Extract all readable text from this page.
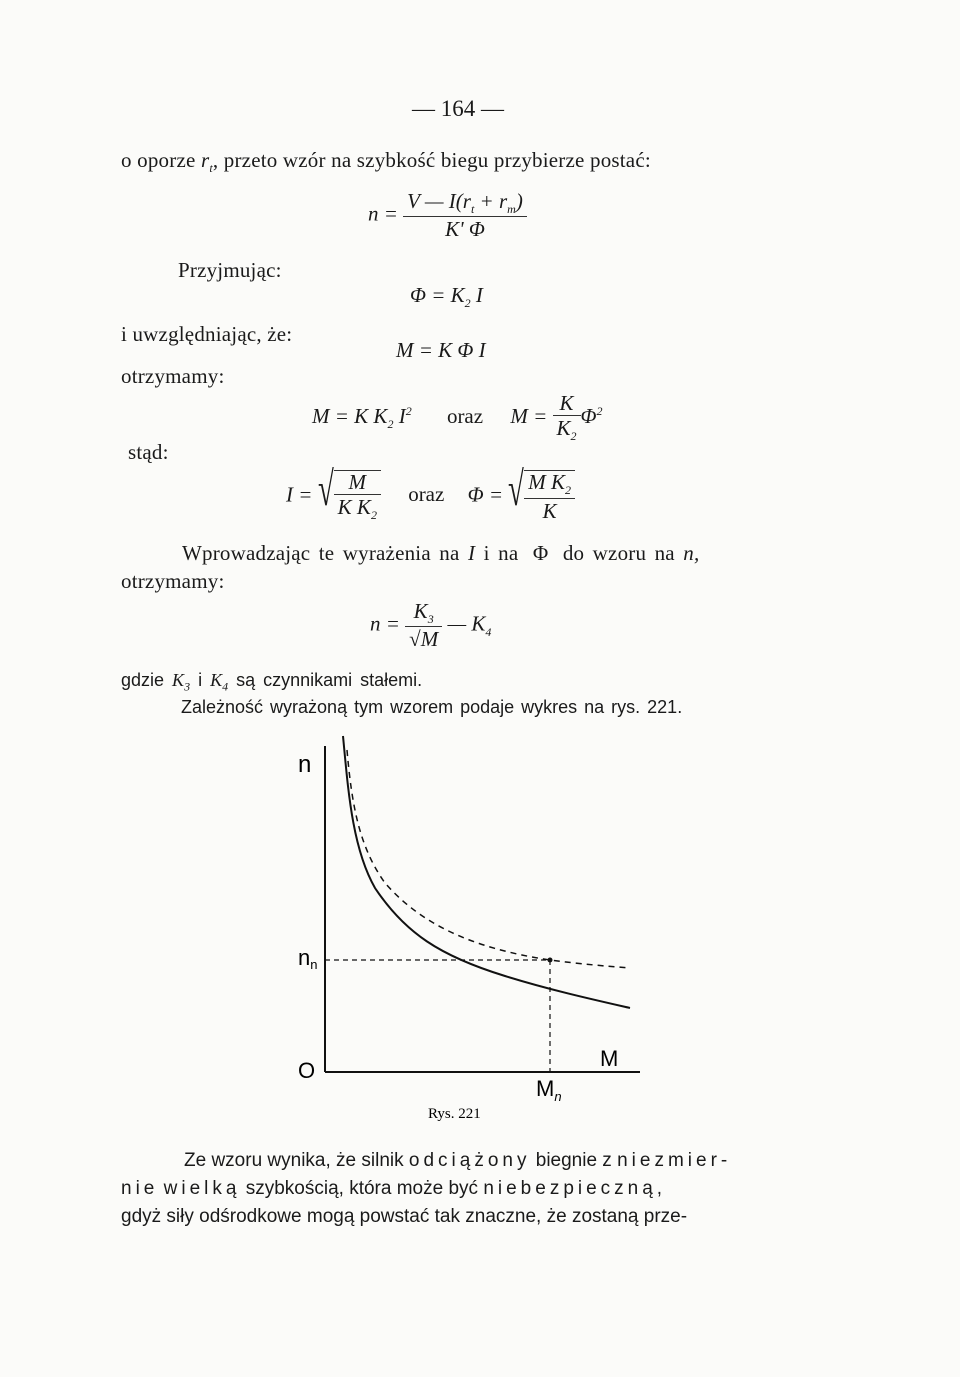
— 164 —
o oporze $r_t$, przeto wzór na szybkość biegu przybierze postać:
$n = \frac{V — I(r_t + r_m)}{K' \Phi}$
Przyjmując:
$\Phi = K_2$ I
i uwzględniając, że:
M = K Φ I
otrzymamy:
M = K $K_2$ $I^2$ oraz $M = \frac{K}{K_2} \Phi^2$
stąd:
I = √ $\frac{M}{K K_2}$ oraz Φ = √ $\frac{M K_2}{K}$
Wprowadzając te wyrażenia na I i na Φ do wzoru na n,
otrzymamy:
$n = \frac{K_3}{√M}$ — $K_4$
gdzie $K_3$ i $K_4$ są czynnikami stałemi.
Zależność wyrażoną tym wzorem podaje wykres na rys. 221.
n
nn
O	M
$M_n$
Rys. 221
Ze wzoru wynika, że silnik odciążony biegnie z niezmier-
nie wielką szybkością, która może być niebezpieczną,
gdyż siły odśrodkowe mogą powstać tak znaczne, że zostaną prze-
